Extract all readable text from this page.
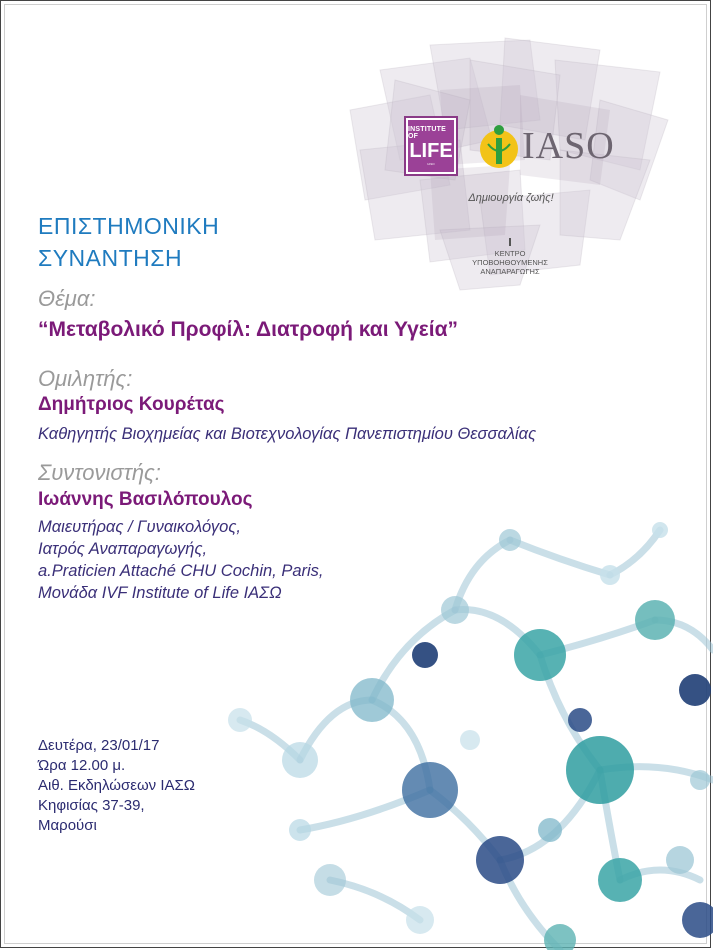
INSTITUTE OF
LIFE
IASO IASO
Δημιουργία ζωής!
ΚΕΝΤΡΟ
ΥΠΟΒΟΗΘΟΥΜΕΝΗΣ
ΑΝΑΠΑΡΑΓΩΓΗΣ
ΕΠΙΣΤΗΜΟΝΙΚΗ
ΣΥΝΑΝΤΗΣΗ
Θέμα:
“Μεταβολικό Προφίλ: Διατροφή και Υγεία”
Ομιλητής:
Δημήτριος Κουρέτας
Καθηγητής Βιοχημείας και Βιοτεχνολογίας Πανεπιστημίου Θεσσαλίας
Συντονιστής:
Ιωάννης Βασιλόπουλος
Μαιευτήρας / Γυναικολόγος,
Ιατρός Αναπαραγωγής,
a.Praticien Attaché CHU Cochin, Paris,
Μονάδα IVF Institute of Life ΙΑΣΩ
Δευτέρα, 23/01/17
Ώρα 12.00 μ.
Αιθ. Εκδηλώσεων ΙΑΣΩ
Κηφισίας 37-39,
Μαρούσι
